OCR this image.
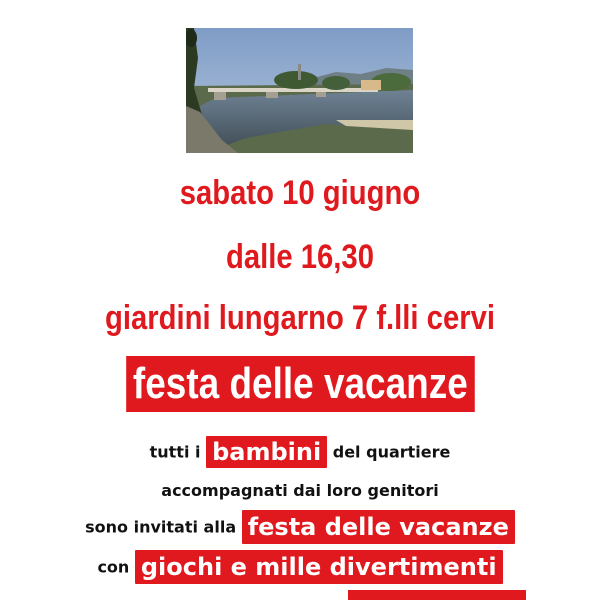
sabato 10 giugno
dalle 16,30
giardini lungarno 7 f.lli cervi
festa delle vacanze
tutti i bambini del quartiere
accompagnati dai loro genitori
sono invitati alla festa delle vacanze
con giochi e mille divertimenti
